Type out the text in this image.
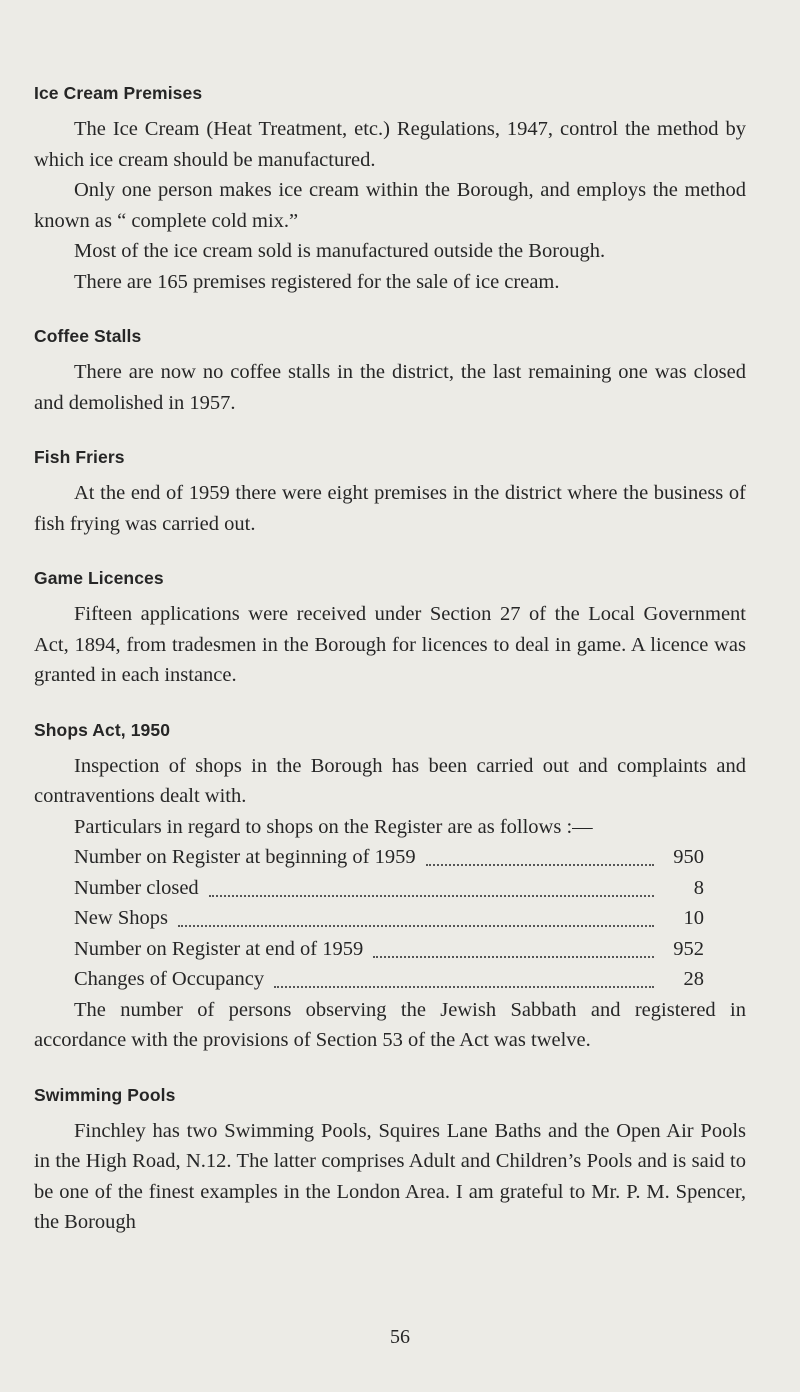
Ice Cream Premises

The Ice Cream (Heat Treatment, etc.) Regulations, 1947, control the method by which ice cream should be manufactured.

Only one person makes ice cream within the Borough, and employs the method known as “ complete cold mix.”

Most of the ice cream sold is manufactured outside the Borough.

There are 165 premises registered for the sale of ice cream.

Coffee Stalls

There are now no coffee stalls in the district, the last remaining one was closed and demolished in 1957.

Fish Friers

At the end of 1959 there were eight premises in the district where the business of fish frying was carried out.

Game Licences

Fifteen applications were received under Section 27 of the Local Government Act, 1894, from tradesmen in the Borough for licences to deal in game. A licence was granted in each instance.

Shops Act, 1950

Inspection of shops in the Borough has been carried out and complaints and contraventions dealt with.

Particulars in regard to shops on the Register are as follows :—

Number on Register at beginning of 1959	950
Number closed	8
New Shops	10
Number on Register at end of 1959	952
Changes of Occupancy	28

The number of persons observing the Jewish Sabbath and registered in accordance with the provisions of Section 53 of the Act was twelve.

Swimming Pools

Finchley has two Swimming Pools, Squires Lane Baths and the Open Air Pools in the High Road, N.12. The latter comprises Adult and Children’s Pools and is said to be one of the finest examples in the London Area. I am grateful to Mr. P. M. Spencer, the Borough

56
